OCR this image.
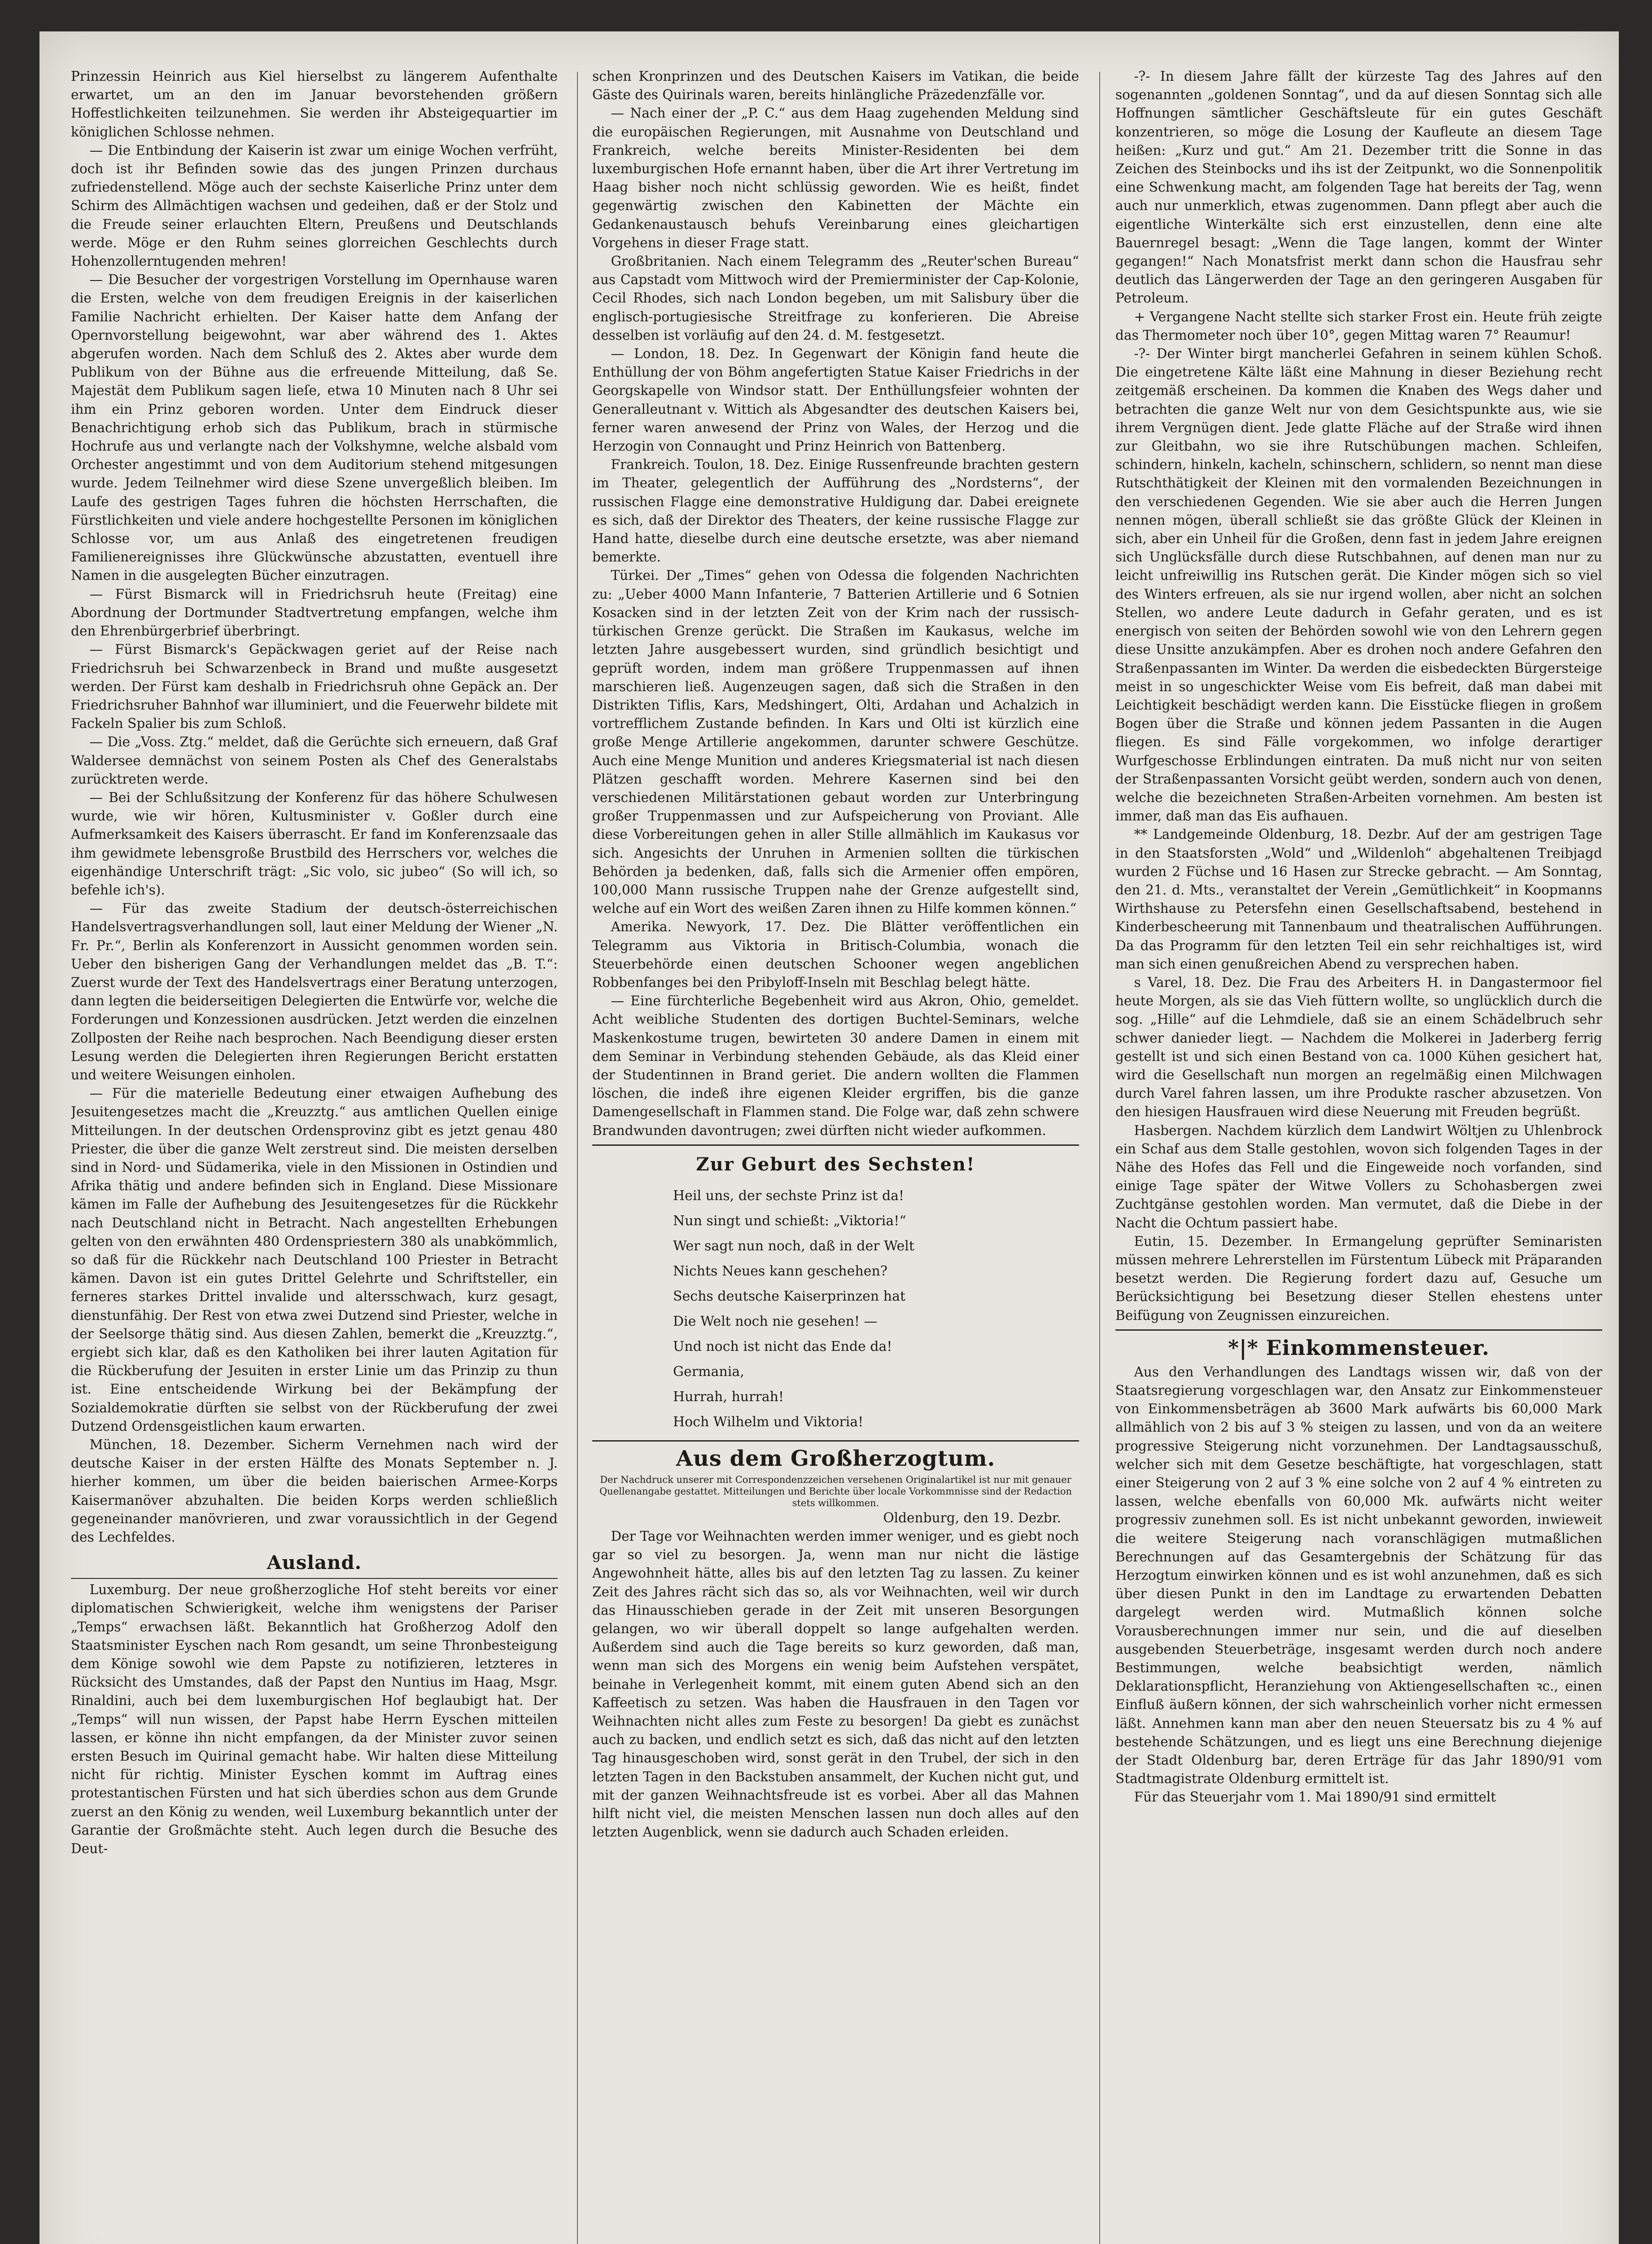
Prinzessin Heinrich aus Kiel hierselbst zu längerem Aufenthalte erwartet, um an den im Januar bevorstehenden größern Hoffestlichkeiten teilzunehmen. Sie werden ihr Absteigequartier im königlichen Schlosse nehmen.

— Die Entbindung der Kaiserin ist zwar um einige Wochen verfrüht, doch ist ihr Befinden sowie das des jungen Prinzen durchaus zufriedenstellend. Möge auch der sechste Kaiserliche Prinz unter dem Schirm des Allmächtigen wachsen und gedeihen, daß er der Stolz und die Freude seiner erlauchten Eltern, Preußens und Deutschlands werde. Möge er den Ruhm seines glorreichen Geschlechts durch Hohenzollerntugenden mehren!

— Die Besucher der vorgestrigen Vorstellung im Opernhause waren die Ersten, welche von dem freudigen Ereignis in der kaiserlichen Familie Nachricht erhielten. Der Kaiser hatte dem Anfang der Opernvorstellung beigewohnt, war aber während des 1. Aktes abgerufen worden. Nach dem Schluß des 2. Aktes aber wurde dem Publikum von der Bühne aus die erfreuende Mitteilung, daß Se. Majestät dem Publikum sagen lieſe, etwa 10 Minuten nach 8 Uhr sei ihm ein Prinz geboren worden. Unter dem Eindruck dieser Benachrichtigung erhob sich das Publikum, brach in stürmische Hochrufe aus und verlangte nach der Volkshymne, welche alsbald vom Orchester angestimmt und von dem Auditorium stehend mitgesungen wurde. Jedem Teilnehmer wird diese Szene unvergeßlich bleiben. Im Laufe des gestrigen Tages fuhren die höchsten Herrschaften, die Fürstlichkeiten und viele andere hochgestellte Personen im königlichen Schlosse vor, um aus Anlaß des eingetretenen freudigen Familienereignisses ihre Glückwünsche abzustatten, eventuell ihre Namen in die ausgelegten Bücher einzutragen.

— Fürst Bismarck will in Friedrichsruh heute (Freitag) eine Abordnung der Dortmunder Stadtvertretung empfangen, welche ihm den Ehrenbürgerbrief überbringt.

— Fürst Bismarck's Gepäckwagen geriet auf der Reise nach Friedrichsruh bei Schwarzenbeck in Brand und mußte ausgesetzt werden. Der Fürst kam deshalb in Friedrichsruh ohne Gepäck an. Der Friedrichsruher Bahnhof war illuminiert, und die Feuerwehr bildete mit Fackeln Spalier bis zum Schloß.

— Die „Voss. Ztg.“ meldet, daß die Gerüchte sich erneuern, daß Graf Waldersee demnächst von seinem Posten als Chef des Generalstabs zurücktreten werde.

— Bei der Schlußsitzung der Konferenz für das höhere Schulwesen wurde, wie wir hören, Kultusminister v. Goßler durch eine Aufmerksamkeit des Kaisers überrascht. Er fand im Konferenzsaale das ihm gewidmete lebensgroße Brustbild des Herrschers vor, welches die eigenhändige Unterschrift trägt: „Sic volo, sic jubeo“ (So will ich, so befehle ich's).

— Für das zweite Stadium der deutsch-österreichischen Handelsvertragsverhandlungen soll, laut einer Meldung der Wiener „N. Fr. Pr.“, Berlin als Konferenzort in Aussicht genommen worden sein. Ueber den bisherigen Gang der Verhandlungen meldet das „B. T.“: Zuerst wurde der Text des Handelsvertrags einer Beratung unterzogen, dann legten die beiderseitigen Delegierten die Entwürfe vor, welche die Forderungen und Konzessionen ausdrücken. Jetzt werden die einzelnen Zollposten der Reihe nach besprochen. Nach Beendigung dieser ersten Lesung werden die Delegierten ihren Regierungen Bericht erstatten und weitere Weisungen einholen.

— Für die materielle Bedeutung einer etwaigen Aufhebung des Jesuitengesetzes macht die „Kreuzztg.“ aus amtlichen Quellen einige Mitteilungen. In der deutschen Ordensprovinz gibt es jetzt genau 480 Priester, die über die ganze Welt zerstreut sind. Die meisten derselben sind in Nord- und Südamerika, viele in den Missionen in Ostindien und Afrika thätig und andere befinden sich in England. Diese Missionare kämen im Falle der Aufhebung des Jesuitengesetzes für die Rückkehr nach Deutschland nicht in Betracht. Nach angestellten Erhebungen gelten von den erwähnten 480 Ordenspriestern 380 als unabkömmlich, so daß für die Rückkehr nach Deutschland 100 Priester in Betracht kämen. Davon ist ein gutes Drittel Gelehrte und Schriftsteller, ein ferneres starkes Drittel invalide und altersschwach, kurz gesagt, dienstunfähig. Der Rest von etwa zwei Dutzend sind Priester, welche in der Seelsorge thätig sind. Aus diesen Zahlen, bemerkt die „Kreuzztg.“, ergiebt sich klar, daß es den Katholiken bei ihrer lauten Agitation für die Rückberufung der Jesuiten in erster Linie um das Prinzip zu thun ist. Eine entscheidende Wirkung bei der Bekämpfung der Sozialdemokratie dürften sie selbst von der Rückberufung der zwei Dutzend Ordensgeistlichen kaum erwarten.

München, 18. Dezember. Sicherm Vernehmen nach wird der deutsche Kaiser in der ersten Hälfte des Monats September n. J. hierher kommen, um über die beiden baierischen Armee-Korps Kaisermanöver abzuhalten. Die beiden Korps werden schließlich gegeneinander manövrieren, und zwar voraussichtlich in der Gegend des Lechfeldes.

Ausland.

Luxemburg. Der neue großherzogliche Hof steht bereits vor einer diplomatischen Schwierigkeit, welche ihm wenigstens der Pariser „Temps“ erwachsen läßt. Bekanntlich hat Großherzog Adolf den Staatsminister Eyschen nach Rom gesandt, um seine Thronbesteigung dem Könige sowohl wie dem Papste zu notifizieren, letzteres in Rücksicht des Umstandes, daß der Papst den Nuntius im Haag, Msgr. Rinaldini, auch bei dem luxemburgischen Hof beglaubigt hat. Der „Temps“ will nun wissen, der Papst habe Herrn Eyschen mitteilen lassen, er könne ihn nicht empfangen, da der Minister zuvor seinen ersten Besuch im Quirinal gemacht habe. Wir halten diese Mitteilung nicht für richtig. Minister Eyschen kommt im Auftrag eines protestantischen Fürsten und hat sich überdies schon aus dem Grunde zuerst an den König zu wenden, weil Luxemburg bekanntlich unter der Garantie der Großmächte steht. Auch legen durch die Besuche des Deut-

schen Kronprinzen und des Deutschen Kaisers im Vatikan, die beide Gäste des Quirinals waren, bereits hinlängliche Präzedenzfälle vor.

— Nach einer der „P. C.“ aus dem Haag zugehenden Meldung sind die europäischen Regierungen, mit Ausnahme von Deutschland und Frankreich, welche bereits Minister-Residenten bei dem luxemburgischen Hofe ernannt haben, über die Art ihrer Vertretung im Haag bisher noch nicht schlüssig geworden. Wie es heißt, findet gegenwärtig zwischen den Kabinetten der Mächte ein Gedankenaustausch behufs Vereinbarung eines gleichartigen Vorgehens in dieser Frage statt.

Großbritanien. Nach einem Telegramm des „Reuter'schen Bureau“ aus Capstadt vom Mittwoch wird der Premierminister der Cap-Kolonie, Cecil Rhodes, sich nach London begeben, um mit Salisbury über die englisch-portugiesische Streitfrage zu konferieren. Die Abreise desselben ist vorläufig auf den 24. d. M. festgesetzt.

— London, 18. Dez. In Gegenwart der Königin fand heute die Enthüllung der von Böhm angefertigten Statue Kaiser Friedrichs in der Georgskapelle von Windsor statt. Der Enthüllungsfeier wohnten der Generalleutnant v. Wittich als Abgesandter des deutschen Kaisers bei, ferner waren anwesend der Prinz von Wales, der Herzog und die Herzogin von Connaught und Prinz Heinrich von Battenberg.

Frankreich. Toulon, 18. Dez. Einige Russenfreunde brachten gestern im Theater, gelegentlich der Aufführung des „Nordsterns“, der russischen Flagge eine demonstrative Huldigung dar. Dabei ereignete es sich, daß der Direktor des Theaters, der keine russische Flagge zur Hand hatte, dieselbe durch eine deutsche ersetzte, was aber niemand bemerkte.

Türkei. Der „Times“ gehen von Odessa die folgenden Nachrichten zu: „Ueber 4000 Mann Infanterie, 7 Batterien Artillerie und 6 Sotnien Kosacken sind in der letzten Zeit von der Krim nach der russisch-türkischen Grenze gerückt. Die Straßen im Kaukasus, welche im letzten Jahre ausgebessert wurden, sind gründlich besichtigt und geprüft worden, indem man größere Truppenmassen auf ihnen marschieren ließ. Augenzeugen sagen, daß sich die Straßen in den Distrikten Tiflis, Kars, Medshingert, Olti, Ardahan und Achalzich in vortrefflichem Zustande befinden. In Kars und Olti ist kürzlich eine große Menge Artillerie angekommen, darunter schwere Geschütze. Auch eine Menge Munition und anderes Kriegsmaterial ist nach diesen Plätzen geschafft worden. Mehrere Kasernen sind bei den verschiedenen Militärstationen gebaut worden zur Unterbringung großer Truppenmassen und zur Aufspeicherung von Proviant. Alle diese Vorbereitungen gehen in aller Stille allmählich im Kaukasus vor sich. Angesichts der Unruhen in Armenien sollten die türkischen Behörden ja bedenken, daß, falls sich die Armenier offen empören, 100,000 Mann russische Truppen nahe der Grenze aufgestellt sind, welche auf ein Wort des weißen Zaren ihnen zu Hilfe kommen können.“

Amerika. Newyork, 17. Dez. Die Blätter veröffentlichen ein Telegramm aus Viktoria in Britisch-Columbia, wonach die Steuerbehörde einen deutschen Schooner wegen angeblichen Robbenfanges bei den Pribyloff-Inseln mit Beschlag belegt hätte.

— Eine fürchterliche Begebenheit wird aus Akron, Ohio, gemeldet. Acht weibliche Studenten des dortigen Buchtel-Seminars, welche Maskenkostume trugen, bewirteten 30 andere Damen in einem mit dem Seminar in Verbindung stehenden Gebäude, als das Kleid einer der Studentinnen in Brand geriet. Die andern wollten die Flammen löschen, die indeß ihre eigenen Kleider ergriffen, bis die ganze Damengesellschaft in Flammen stand. Die Folge war, daß zehn schwere Brandwunden davontrugen; zwei dürften nicht wieder aufkommen.

Zur Geburt des Sechsten!

Heil uns, der sechste Prinz ist da!

Nun singt und schießt: „Viktoria!“

Wer sagt nun noch, daß in der Welt

Nichts Neues kann geschehen?

Sechs deutsche Kaiserprinzen hat

Die Welt noch nie gesehen! —

Und noch ist nicht das Ende da!

Germania,

Hurrah, hurrah!

Hoch Wilhelm und Viktoria!

Aus dem Großherzogtum.
Der Nachdruck unserer mit Correspondenzzeichen versehenen Originalartikel ist nur mit genauer Quellenangabe gestattet. Mitteilungen und Berichte über locale Vorkommnisse sind der Redaction stets willkommen.
Oldenburg, den 19. Dezbr.

Der Tage vor Weihnachten werden immer weniger, und es giebt noch gar so viel zu besorgen. Ja, wenn man nur nicht die lästige Angewohnheit hätte, alles bis auf den letzten Tag zu lassen. Zu keiner Zeit des Jahres rächt sich das so, als vor Weihnachten, weil wir durch das Hinausschieben gerade in der Zeit mit unseren Besorgungen gelangen, wo wir überall doppelt so lange aufgehalten werden. Außerdem sind auch die Tage bereits so kurz geworden, daß man, wenn man sich des Morgens ein wenig beim Aufstehen verspätet, beinahe in Verlegenheit kommt, mit einem guten Abend sich an den Kaffeetisch zu setzen. Was haben die Hausfrauen in den Tagen vor Weihnachten nicht alles zum Feste zu besorgen! Da giebt es zunächst auch zu backen, und endlich setzt es sich, daß das nicht auf den letzten Tag hinausgeschoben wird, sonst gerät in den Trubel, der sich in den letzten Tagen in den Backstuben ansammelt, der Kuchen nicht gut, und mit der ganzen Weihnachtsfreude ist es vorbei. Aber all das Mahnen hilft nicht viel, die meisten Menschen lassen nun doch alles auf den letzten Augenblick, wenn sie dadurch auch Schaden erleiden.

-?- In diesem Jahre fällt der kürzeste Tag des Jahres auf den sogenannten „goldenen Sonntag“, und da auf diesen Sonntag sich alle Hoffnungen sämtlicher Geschäftsleute für ein gutes Geschäft konzentrieren, so möge die Losung der Kaufleute an diesem Tage heißen: „Kurz und gut.“ Am 21. Dezember tritt die Sonne in das Zeichen des Steinbocks und ihs ist der Zeitpunkt, wo die Sonnenpolitik eine Schwenkung macht, am folgenden Tage hat bereits der Tag, wenn auch nur unmerklich, etwas zugenommen. Dann pflegt aber auch die eigentliche Winterkälte sich erst einzustellen, denn eine alte Bauernregel besagt: „Wenn die Tage langen, kommt der Winter gegangen!“ Nach Monatsfrist merkt dann schon die Hausfrau sehr deutlich das Längerwerden der Tage an den geringeren Ausgaben für Petroleum.

+ Vergangene Nacht stellte sich starker Frost ein. Heute früh zeigte das Thermometer noch über 10°, gegen Mittag waren 7° Reaumur!

-?- Der Winter birgt mancherlei Gefahren in seinem kühlen Schoß. Die eingetretene Kälte läßt eine Mahnung in dieser Beziehung recht zeitgemäß erscheinen. Da kommen die Knaben des Wegs daher und betrachten die ganze Welt nur von dem Gesichtspunkte aus, wie sie ihrem Vergnügen dient. Jede glatte Fläche auf der Straße wird ihnen zur Gleitbahn, wo sie ihre Rutschübungen machen. Schleifen, schindern, hinkeln, kacheln, schinschern, schlidern, so nennt man diese Rutschthätigkeit der Kleinen mit den vormalenden Bezeichnungen in den verschiedenen Gegenden. Wie sie aber auch die Herren Jungen nennen mögen, überall schließt sie das größte Glück der Kleinen in sich, aber ein Unheil für die Großen, denn fast in jedem Jahre ereignen sich Unglücksfälle durch diese Rutschbahnen, auf denen man nur zu leicht unfreiwillig ins Rutschen gerät. Die Kinder mögen sich so viel des Winters erfreuen, als sie nur irgend wollen, aber nicht an solchen Stellen, wo andere Leute dadurch in Gefahr geraten, und es ist energisch von seiten der Behörden sowohl wie von den Lehrern gegen diese Unsitte anzukämpfen. Aber es drohen noch andere Gefahren den Straßenpassanten im Winter. Da werden die eisbedeckten Bürgersteige meist in so ungeschickter Weise vom Eis befreit, daß man dabei mit Leichtigkeit beschädigt werden kann. Die Eisstücke fliegen in großem Bogen über die Straße und können jedem Passanten in die Augen fliegen. Es sind Fälle vorgekommen, wo infolge derartiger Wurfgeschosse Erblindungen eintraten. Da muß nicht nur von seiten der Straßenpassanten Vorsicht geübt werden, sondern auch von denen, welche die bezeichneten Straßen-Arbeiten vornehmen. Am besten ist immer, daß man das Eis aufhauen.

** Landgemeinde Oldenburg, 18. Dezbr. Auf der am gestrigen Tage in den Staatsforsten „Wold“ und „Wildenloh“ abgehaltenen Treibjagd wurden 2 Füchse und 16 Hasen zur Strecke gebracht. — Am Sonntag, den 21. d. Mts., veranstaltet der Verein „Gemütlichkeit“ in Koopmanns Wirthshause zu Petersfehn einen Gesellschaftsabend, bestehend in Kinderbescheerung mit Tannenbaum und theatralischen Aufführungen. Da das Programm für den letzten Teil ein sehr reichhaltiges ist, wird man sich einen genußreichen Abend zu versprechen haben.

s Varel, 18. Dez. Die Frau des Arbeiters H. in Dangastermoor fiel heute Morgen, als sie das Vieh füttern wollte, so unglücklich durch die sog. „Hille“ auf die Lehmdiele, daß sie an einem Schädelbruch sehr schwer danieder liegt. — Nachdem die Molkerei in Jaderberg ferrig gestellt ist und sich einen Bestand von ca. 1000 Kühen gesichert hat, wird die Gesellschaft nun morgen an regelmäßig einen Milchwagen durch Varel fahren lassen, um ihre Produkte rascher abzusetzen. Von den hiesigen Hausfrauen wird diese Neuerung mit Freuden begrüßt.

Hasbergen. Nachdem kürzlich dem Landwirt Wöltjen zu Uhlenbrock ein Schaf aus dem Stalle gestohlen, wovon sich folgenden Tages in der Nähe des Hofes das Fell und die Eingeweide noch vorfanden, sind einige Tage später der Witwe Vollers zu Schohasbergen zwei Zuchtgänse gestohlen worden. Man vermutet, daß die Diebe in der Nacht die Ochtum passiert habe.

Eutin, 15. Dezember. In Ermangelung geprüfter Seminaristen müssen mehrere Lehrerstellen im Fürstentum Lübeck mit Präparanden besetzt werden. Die Regierung fordert dazu auf, Gesuche um Berücksichtigung bei Besetzung dieser Stellen ehestens unter Beifügung von Zeugnissen einzureichen.

*|* Einkommensteuer.

Aus den Verhandlungen des Landtags wissen wir, daß von der Staatsregierung vorgeschlagen war, den Ansatz zur Einkommensteuer von Einkommensbeträgen ab 3600 Mark aufwärts bis 60,000 Mark allmählich von 2 bis auf 3 % steigen zu lassen, und von da an weitere progressive Steigerung nicht vorzunehmen. Der Landtagsausschuß, welcher sich mit dem Gesetze beschäftigte, hat vorgeschlagen, statt einer Steigerung von 2 auf 3 % eine solche von 2 auf 4 % eintreten zu lassen, welche ebenfalls von 60,000 Mk. aufwärts nicht weiter progressiv zunehmen soll. Es ist nicht unbekannt geworden, inwieweit die weitere Steigerung nach voranschlägigen mutmaßlichen Berechnungen auf das Gesamtergebnis der Schätzung für das Herzogtum einwirken können und es ist wohl anzunehmen, daß es sich über diesen Punkt in den im Landtage zu erwartenden Debatten dargelegt werden wird. Mutmaßlich können solche Vorausberechnungen immer nur sein, und die auf dieselben ausgebenden Steuerbeträge, insgesamt werden durch noch andere Bestimmungen, welche beabsichtigt werden, nämlich Deklarationspflicht, Heranziehung von Aktiengesellschaften ꝛc., einen Einfluß äußern können, der sich wahrscheinlich vorher nicht ermessen läßt. Annehmen kann man aber den neuen Steuersatz bis zu 4 % auf bestehende Schätzungen, und es liegt uns eine Berechnung diejenige der Stadt Oldenburg bar, deren Erträge für das Jahr 1890/91 vom Stadtmagistrate Oldenburg ermittelt ist.

Für das Steuerjahr vom 1. Mai 1890/91 sind ermittelt
